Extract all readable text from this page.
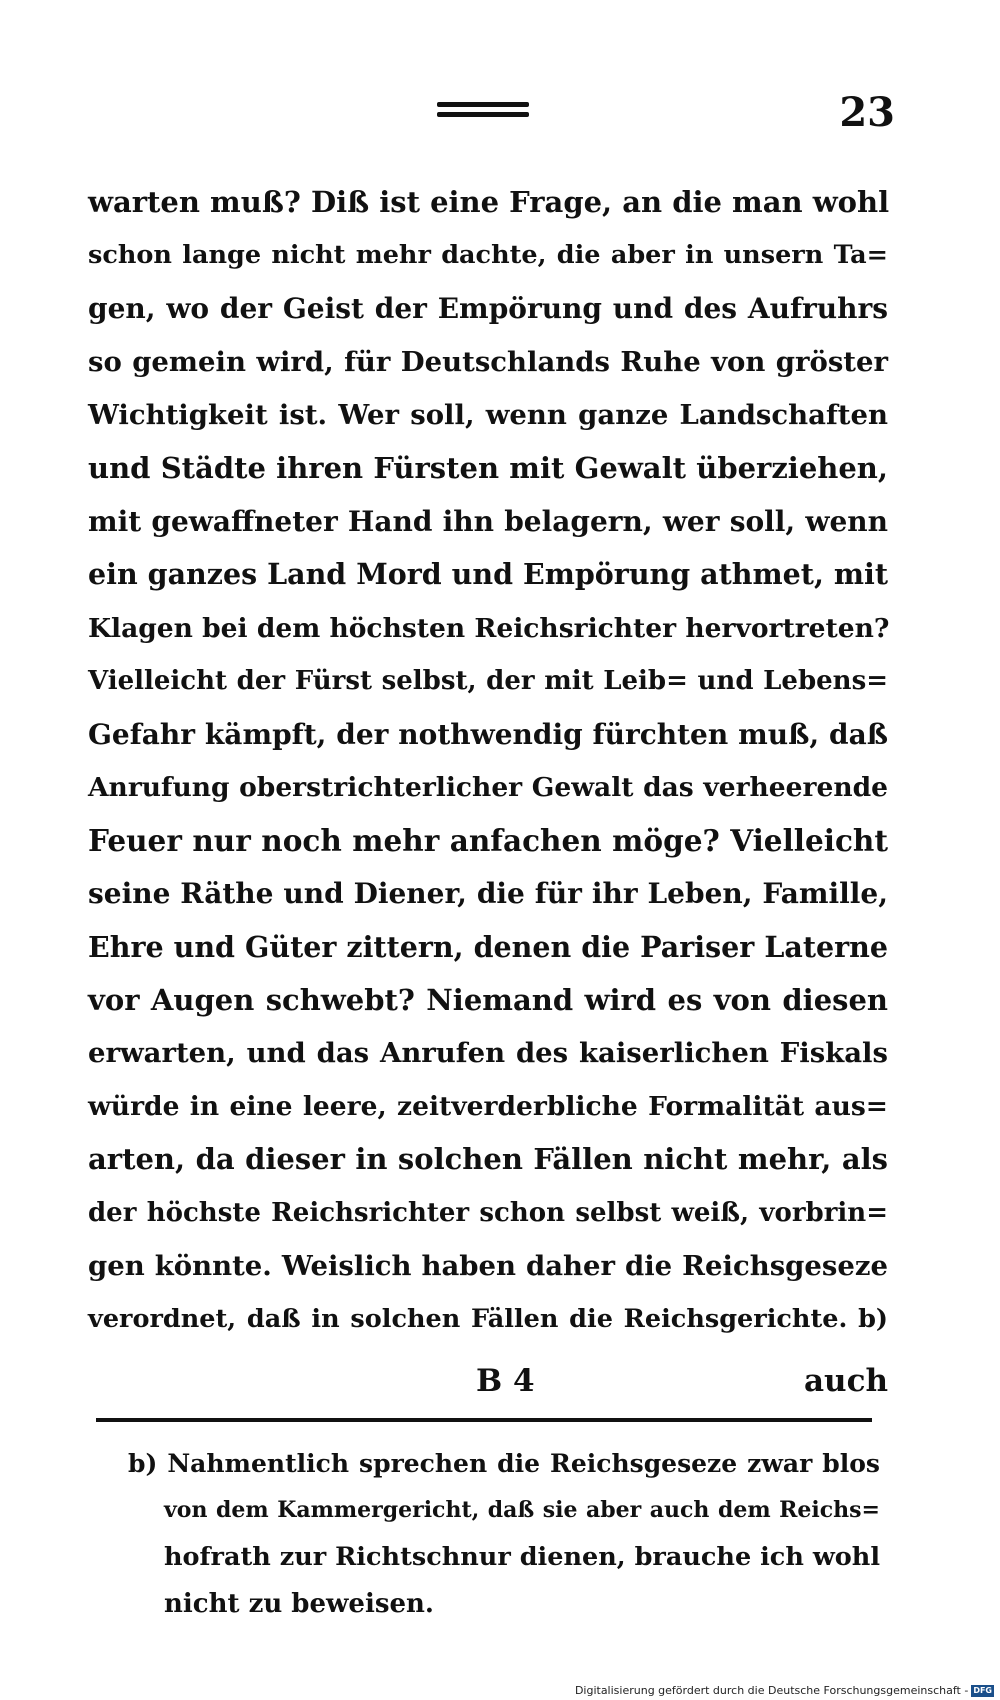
23
warten muß? Diß ist eine Frage, an die man wohl
schon lange nicht mehr dachte, die aber in unsern Ta=
gen, wo der Geist der Empörung und des Aufruhrs
so gemein wird, für Deutschlands Ruhe von gröster
Wichtigkeit ist. Wer soll, wenn ganze Landschaften
und Städte ihren Fürsten mit Gewalt überziehen,
mit gewaffneter Hand ihn belagern, wer soll, wenn
ein ganzes Land Mord und Empörung athmet, mit
Klagen bei dem höchsten Reichsrichter hervortreten?
Vielleicht der Fürst selbst, der mit Leib= und Lebens=
Gefahr kämpft, der nothwendig fürchten muß, daß
Anrufung oberstrichterlicher Gewalt das verheerende
Feuer nur noch mehr anfachen möge? Vielleicht
seine Räthe und Diener, die für ihr Leben, Famille,
Ehre und Güter zittern, denen die Pariser Laterne
vor Augen schwebt? Niemand wird es von diesen
erwarten, und das Anrufen des kaiserlichen Fiskals
würde in eine leere, zeitverderbliche Formalität aus=
arten, da dieser in solchen Fällen nicht mehr, als
der höchste Reichsrichter schon selbst weiß, vorbrin=
gen könnte. Weislich haben daher die Reichsgeseze
verordnet, daß in solchen Fällen die Reichsgerichte. b)
B 4	auch
b) Nahmentlich sprechen die Reichsgeseze zwar blos
von dem Kammergericht, daß sie aber auch dem Reichs=
hofrath zur Richtschnur dienen, brauche ich wohl
nicht zu beweisen.
Digitalisierung gefördert durch die Deutsche Forschungsgemeinschaft - DFG
